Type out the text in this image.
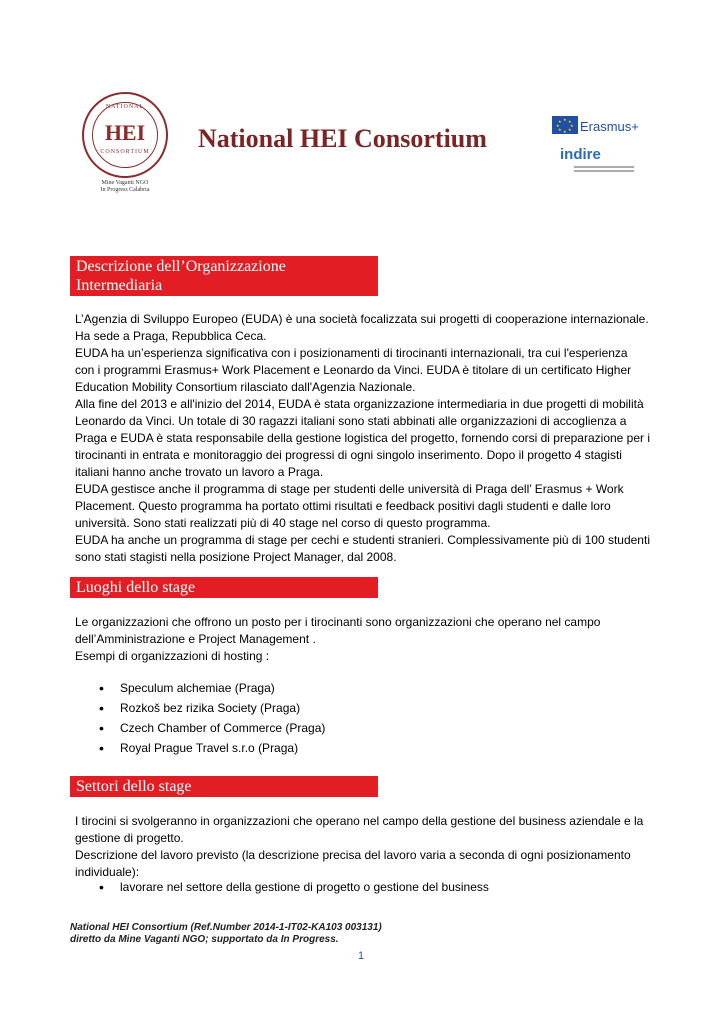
NATIONAL
HEI
CONSORTIUM
Mine Vaganti NGO
In Progress Calabria
National HEI Consortium
★ ★
★
★
★
★
★
★ Erasmus+
indire
Descrizione dell’Organizzazione
Intermediaria

L’Agenzia di Sviluppo Europeo (EUDA) è una società focalizzata sui progetti di cooperazione internazionale. Ha sede a Praga, Repubblica Ceca.

EUDA ha un’esperienza significativa con i posizionamenti di tirocinanti internazionali, tra cui l'esperienza con i programmi Erasmus+ Work Placement e Leonardo da Vinci. EUDA è titolare di un certificato Higher Education Mobility Consortium rilasciato dall'Agenzia Nazionale.

Alla fine del 2013 e all'inizio del 2014, EUDA è stata organizzazione intermediaria in due progetti di mobilità Leonardo da Vinci. Un totale di 30 ragazzi italiani sono stati abbinati alle organizzazioni di accoglienza a Praga e EUDA è stata responsabile della gestione logistica del progetto, fornendo corsi di preparazione per i tirocinanti in entrata e monitoraggio dei progressi di ogni singolo inserimento. Dopo il progetto 4 stagisti italiani hanno anche trovato un lavoro a Praga.

EUDA gestisce anche il programma di stage per studenti delle università di Praga dell’ Erasmus + Work Placement. Questo programma ha portato ottimi risultati e feedback positivi dagli studenti e dalle loro università. Sono stati realizzati più di 40 stage nel corso di questo programma.

EUDA ha anche un programma di stage per cechi e studenti stranieri. Complessivamente più di 100 studenti sono stati stagisti nella posizione Project Manager, dal 2008.

Luoghi dello stage

Le organizzazioni che offrono un posto per i tirocinanti sono organizzazioni che operano nel campo dell’Amministrazione e Project Management .

Esempi di organizzazioni di hosting :

• Speculum alchemiae (Praga)
• Rozkoš bez rizika Society (Praga)
• Czech Chamber of Commerce (Praga)
• Royal Prague Travel s.r.o (Praga)
Settori dello stage

I tirocini si svolgeranno in organizzazioni che operano nel campo della gestione del business aziendale e la gestione di progetto.

Descrizione del lavoro previsto (la descrizione precisa del lavoro varia a seconda di ogni posizionamento individuale):

• lavorare nel settore della gestione di progetto o gestione del business
National HEI Consortium (Ref.Number 2014-1-IT02-KA103 003131)
diretto da Mine Vaganti NGO; supportato da In Progress.
1
